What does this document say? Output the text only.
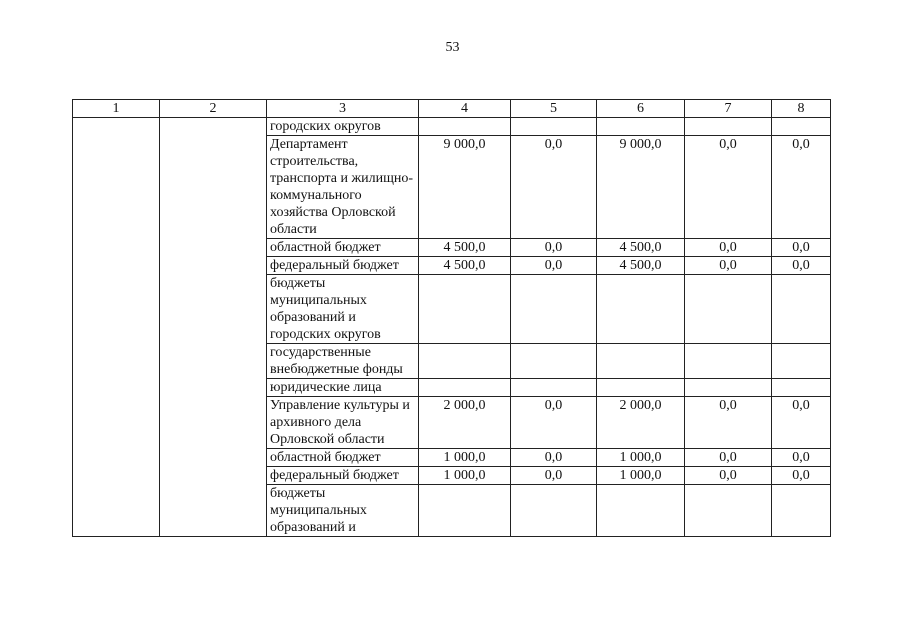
53
1	2	3	4	5	6	7	8
		городских округов					
		Департамент строительства, транспорта и жилищно-коммунального хозяйства Орловской области	9 000,0	0,0	9 000,0	0,0	0,0
		областной бюджет	4 500,0	0,0	4 500,0	0,0	0,0
		федеральный бюджет	4 500,0	0,0	4 500,0	0,0	0,0
		бюджеты муниципальных образований и городских округов					
		государственные внебюджетные фонды					
		юридические лица					
		Управление культуры и архивного дела Орловской области	2 000,0	0,0	2 000,0	0,0	0,0
		областной бюджет	1 000,0	0,0	1 000,0	0,0	0,0
		федеральный бюджет	1 000,0	0,0	1 000,0	0,0	0,0
		бюджеты муниципальных образований и					
